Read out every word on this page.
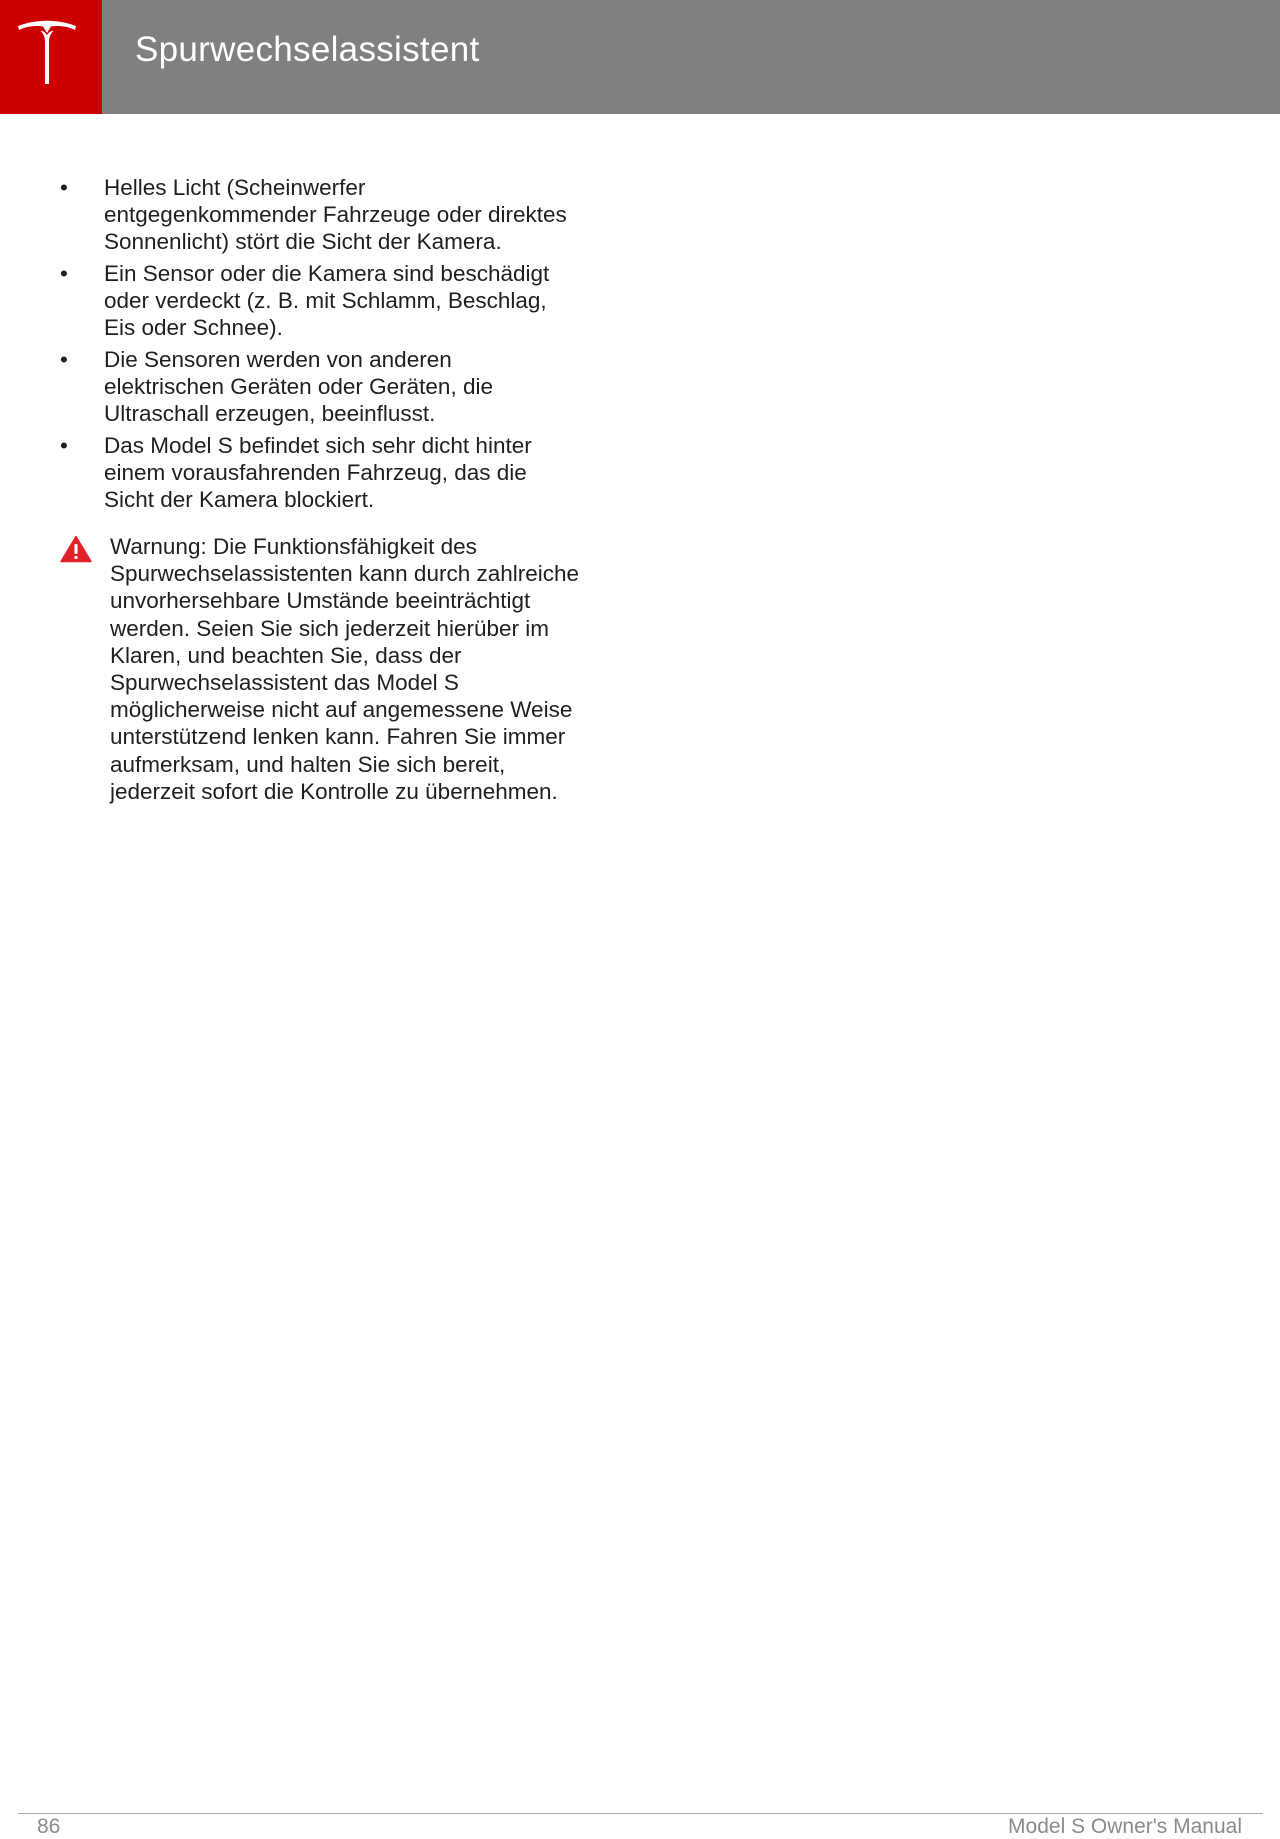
Spurwechselassistent
• Helles Licht (Scheinwerfer entgegenkommender Fahrzeuge oder direktes Sonnenlicht) stört die Sicht der Kamera.
• Ein Sensor oder die Kamera sind beschädigt oder verdeckt (z. B. mit Schlamm, Beschlag, Eis oder Schnee).
• Die Sensoren werden von anderen elektrischen Geräten oder Geräten, die Ultraschall erzeugen, beeinflusst.
• Das Model S befindet sich sehr dicht hinter einem vorausfahrenden Fahrzeug, das die Sicht der Kamera blockiert.
Warnung: Die Funktionsfähigkeit des Spurwechselassistenten kann durch zahlreiche unvorhersehbare Umstände beeinträchtigt werden. Seien Sie sich jederzeit hierüber im Klaren, und beachten Sie, dass der Spurwechselassistent das Model S möglicherweise nicht auf angemessene Weise unterstützend lenken kann. Fahren Sie immer aufmerksam, und halten Sie sich bereit, jederzeit sofort die Kontrolle zu übernehmen.
86	Model S Owner's Manual
